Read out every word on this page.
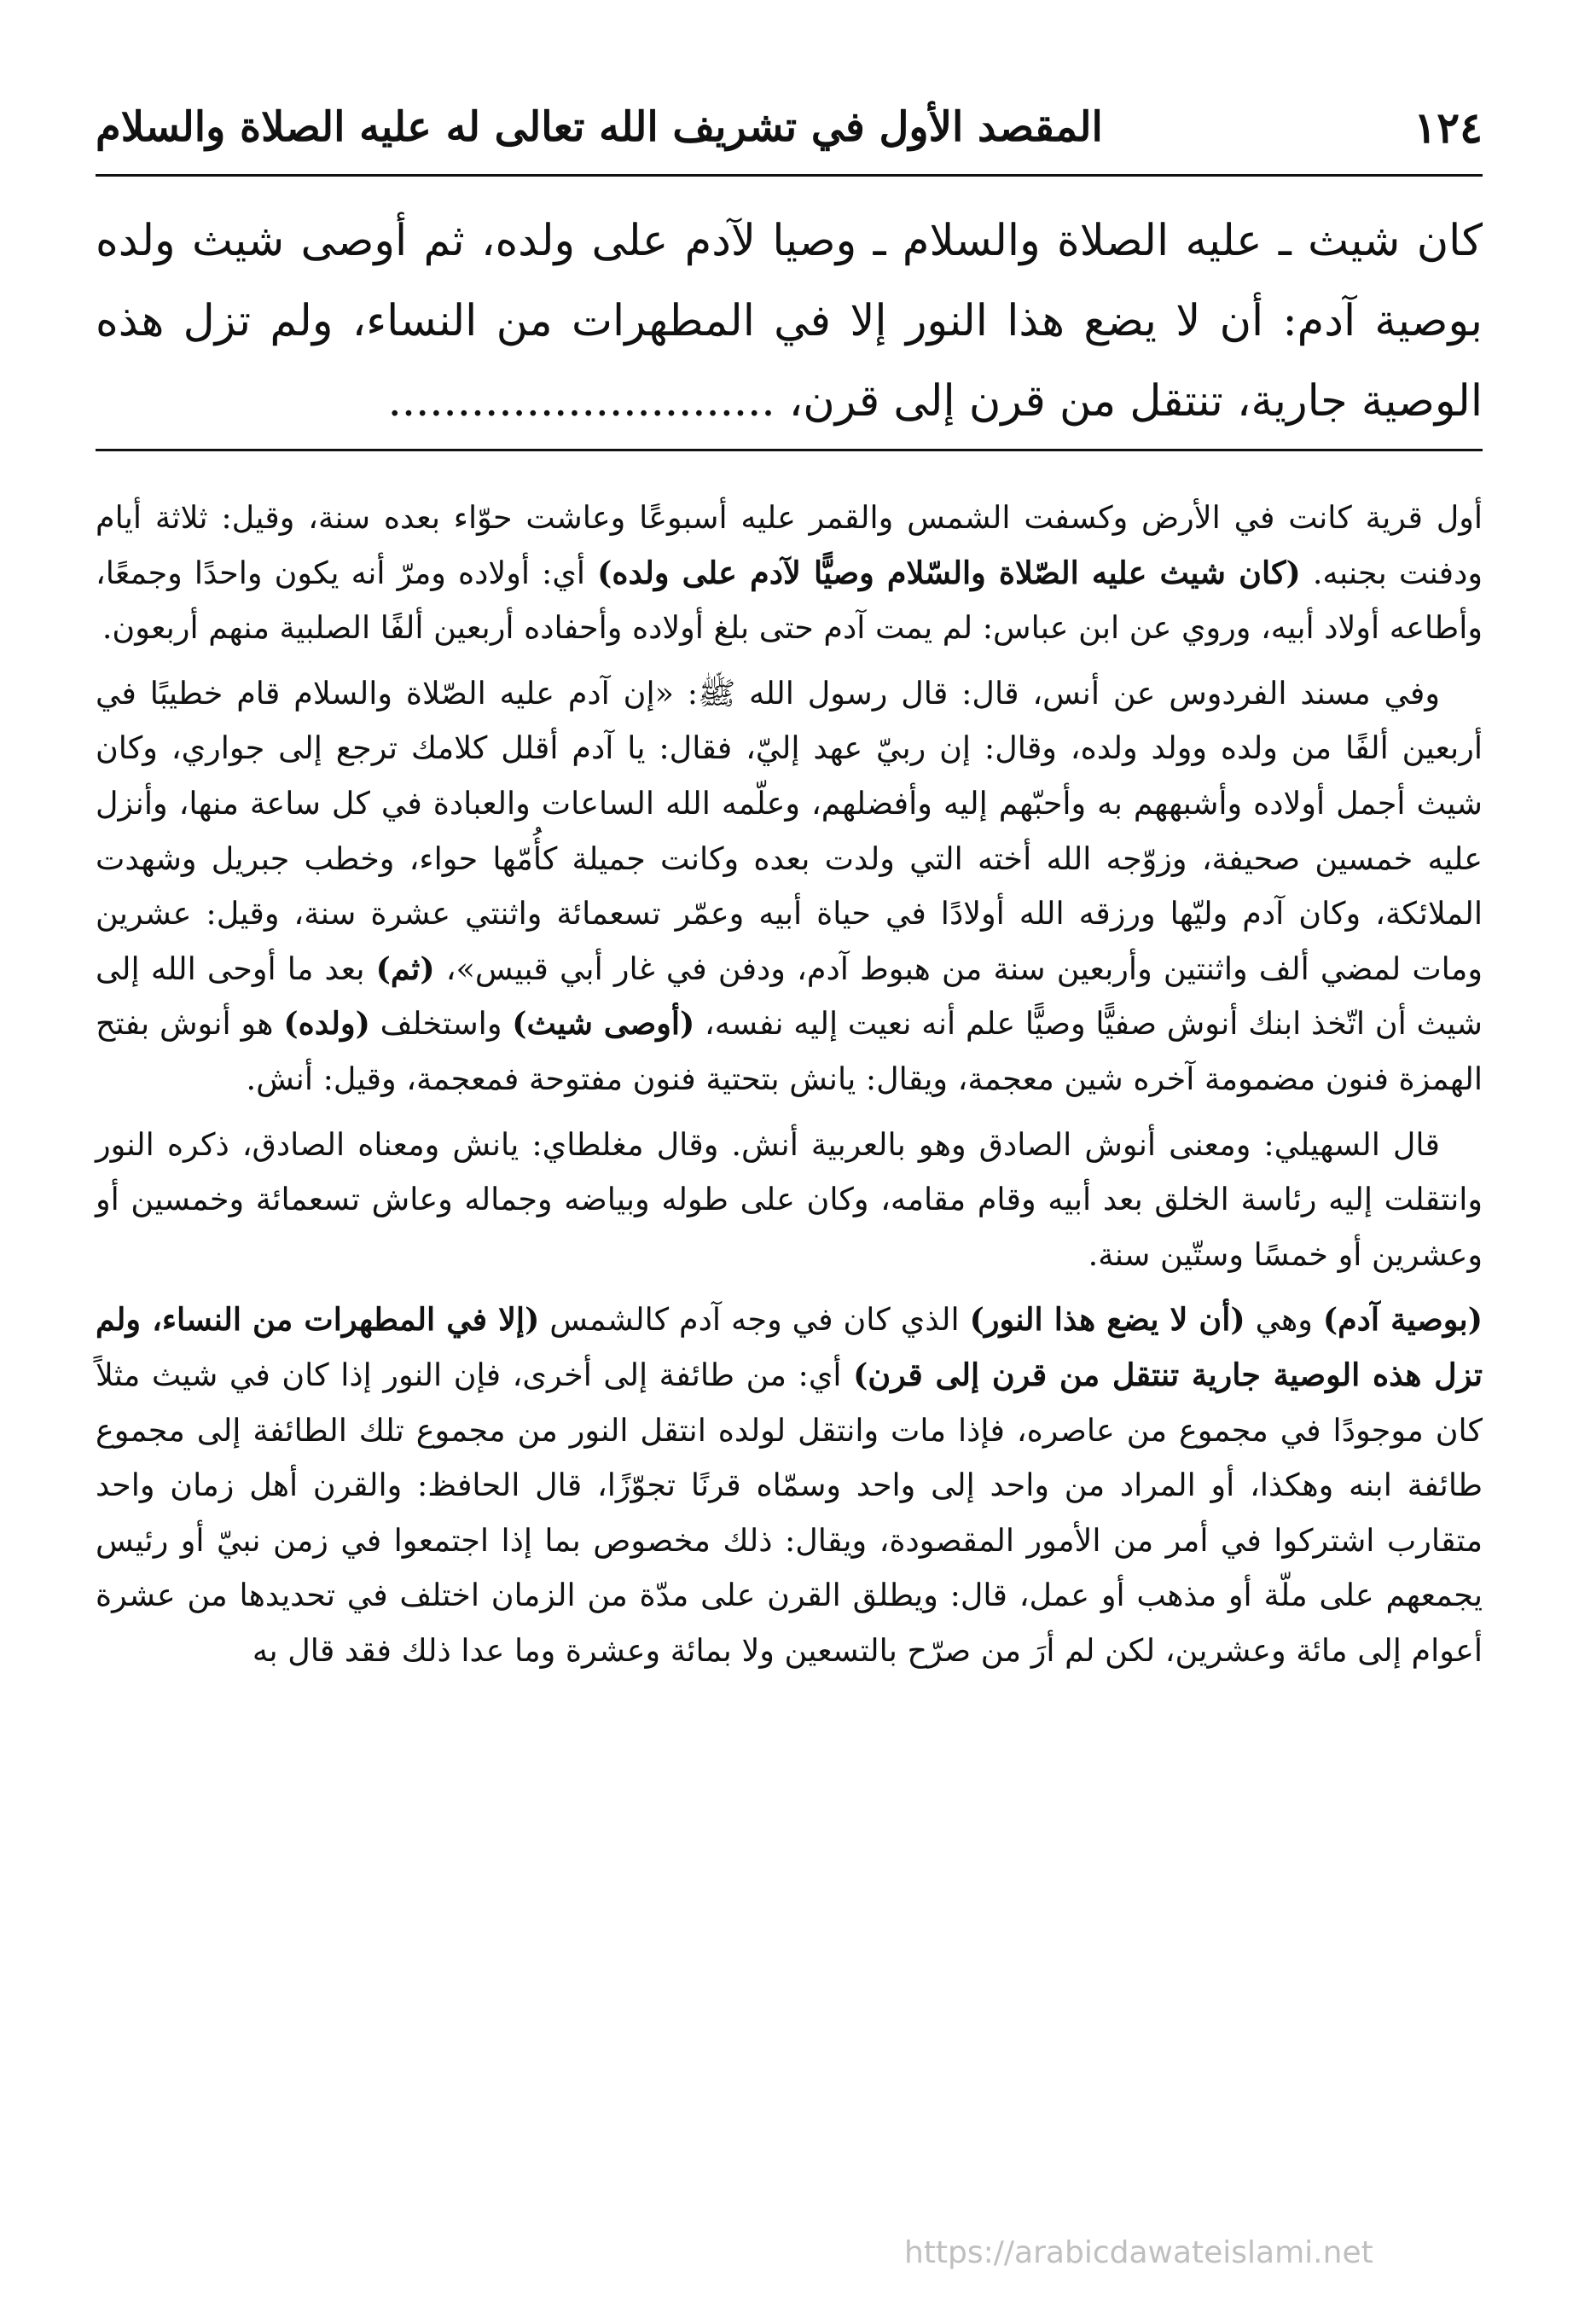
١٢٤
المقصد الأول في تشريف الله تعالى له عليه الصلاة والسلام
كان شيث ـ عليه الصلاة والسلام ـ وصيا لآدم على ولده، ثم أوصى شيث ولده
بوصية آدم: أن لا يضع هذا النور إلا في المطهرات من النساء، ولم تزل هذه
الوصية جارية، تنتقل من قرن إلى قرن، ............................

أول قرية كانت في الأرض وكسفت الشمس والقمر عليه أسبوعًا وعاشت حوّاء بعده سنة، وقيل: ثلاثة أيام ودفنت بجنبه. (كان شيث عليه الصّلاة والسّلام وصيًّا لآدم على ولده) أي: أولاده ومرّ أنه يكون واحدًا وجمعًا، وأطاعه أولاد أبيه، وروي عن ابن عباس: لم يمت آدم حتى بلغ أولاده وأحفاده أربعين ألفًا الصلبية منهم أربعون.

وفي مسند الفردوس عن أنس، قال: قال رسول الله ﷺ: «إن آدم عليه الصّلاة والسلام قام خطيبًا في أربعين ألفًا من ولده وولد ولده، وقال: إن ربيّ عهد إليّ، فقال: يا آدم أقلل كلامك ترجع إلى جواري، وكان شيث أجمل أولاده وأشبههم به وأحبّهم إليه وأفضلهم، وعلّمه الله الساعات والعبادة في كل ساعة منها، وأنزل عليه خمسين صحيفة، وزوّجه الله أخته التي ولدت بعده وكانت جميلة كأُمّها حواء، وخطب جبريل وشهدت الملائكة، وكان آدم وليّها ورزقه الله أولادًا في حياة أبيه وعمّر تسعمائة واثنتي عشرة سنة، وقيل: عشرين ومات لمضي ألف واثنتين وأربعين سنة من هبوط آدم، ودفن في غار أبي قبيس»، (ثم) بعد ما أوحى الله إلى شيث أن اتّخذ ابنك أنوش صفيًّا وصيًّا علم أنه نعيت إليه نفسه، (أوصى شيث) واستخلف (ولده) هو أنوش بفتح الهمزة فنون مضمومة آخره شين معجمة، ويقال: يانش بتحتية فنون مفتوحة فمعجمة، وقيل: أنش.

قال السهيلي: ومعنى أنوش الصادق وهو بالعربية أنش. وقال مغلطاي: يانش ومعناه الصادق، ذكره النور وانتقلت إليه رئاسة الخلق بعد أبيه وقام مقامه، وكان على طوله وبياضه وجماله وعاش تسعمائة وخمسين أو وعشرين أو خمسًا وستّين سنة.

(بوصية آدم) وهي (أن لا يضع هذا النور) الذي كان في وجه آدم كالشمس (إلا في المطهرات من النساء، ولم تزل هذه الوصية جارية تنتقل من قرن إلى قرن) أي: من طائفة إلى أخرى، فإن النور إذا كان في شيث مثلاً كان موجودًا في مجموع من عاصره، فإذا مات وانتقل لولده انتقل النور من مجموع تلك الطائفة إلى مجموع طائفة ابنه وهكذا، أو المراد من واحد إلى واحد وسمّاه قرنًا تجوّزًا، قال الحافظ: والقرن أهل زمان واحد متقارب اشتركوا في أمر من الأمور المقصودة، ويقال: ذلك مخصوص بما إذا اجتمعوا في زمن نبيّ أو رئيس يجمعهم على ملّة أو مذهب أو عمل، قال: ويطلق القرن على مدّة من الزمان اختلف في تحديدها من عشرة أعوام إلى مائة وعشرين، لكن لم أرَ من صرّح بالتسعين ولا بمائة وعشرة وما عدا ذلك فقد قال به

https://arabicdawateislami.net
